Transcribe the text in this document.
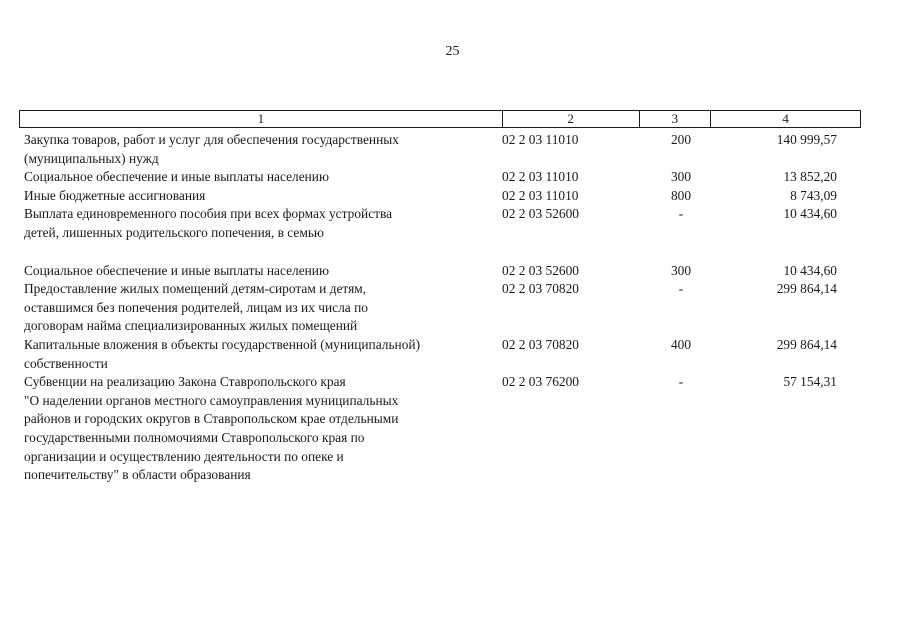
25
1	2	3	4
Закупка товаров, работ и услуг для обеспечения государственных
(муниципальных) нужд
02 2 03 11010	200	140 999,57
Социальное обеспечение и иные выплаты населению	02 2 03 11010	300	13 852,20
Иные бюджетные ассигнования	02 2 03 11010	800	8 743,09
Выплата единовременного пособия при всех формах устройства
детей, лишенных родительского попечения, в семью
02 2 03 52600	-	10 434,60
Социальное обеспечение и иные выплаты населению	02 2 03 52600	300	10 434,60
Предоставление жилых помещений детям-сиротам и детям,
оставшимся без попечения родителей, лицам из их числа по
договорам найма специализированных жилых помещений
02 2 03 70820	-	299 864,14
Капитальные вложения в объекты государственной (муниципальной)
собственности
02 2 03 70820	400	299 864,14
Субвенции на реализацию Закона Ставропольского края
"О наделении органов местного самоуправления муниципальных
районов и городских округов в Ставропольском крае отдельными
государственными полномочиями Ставропольского края по
организации и осуществлению деятельности по опеке и
попечительству" в области образования
02 2 03 76200	-	57 154,31
